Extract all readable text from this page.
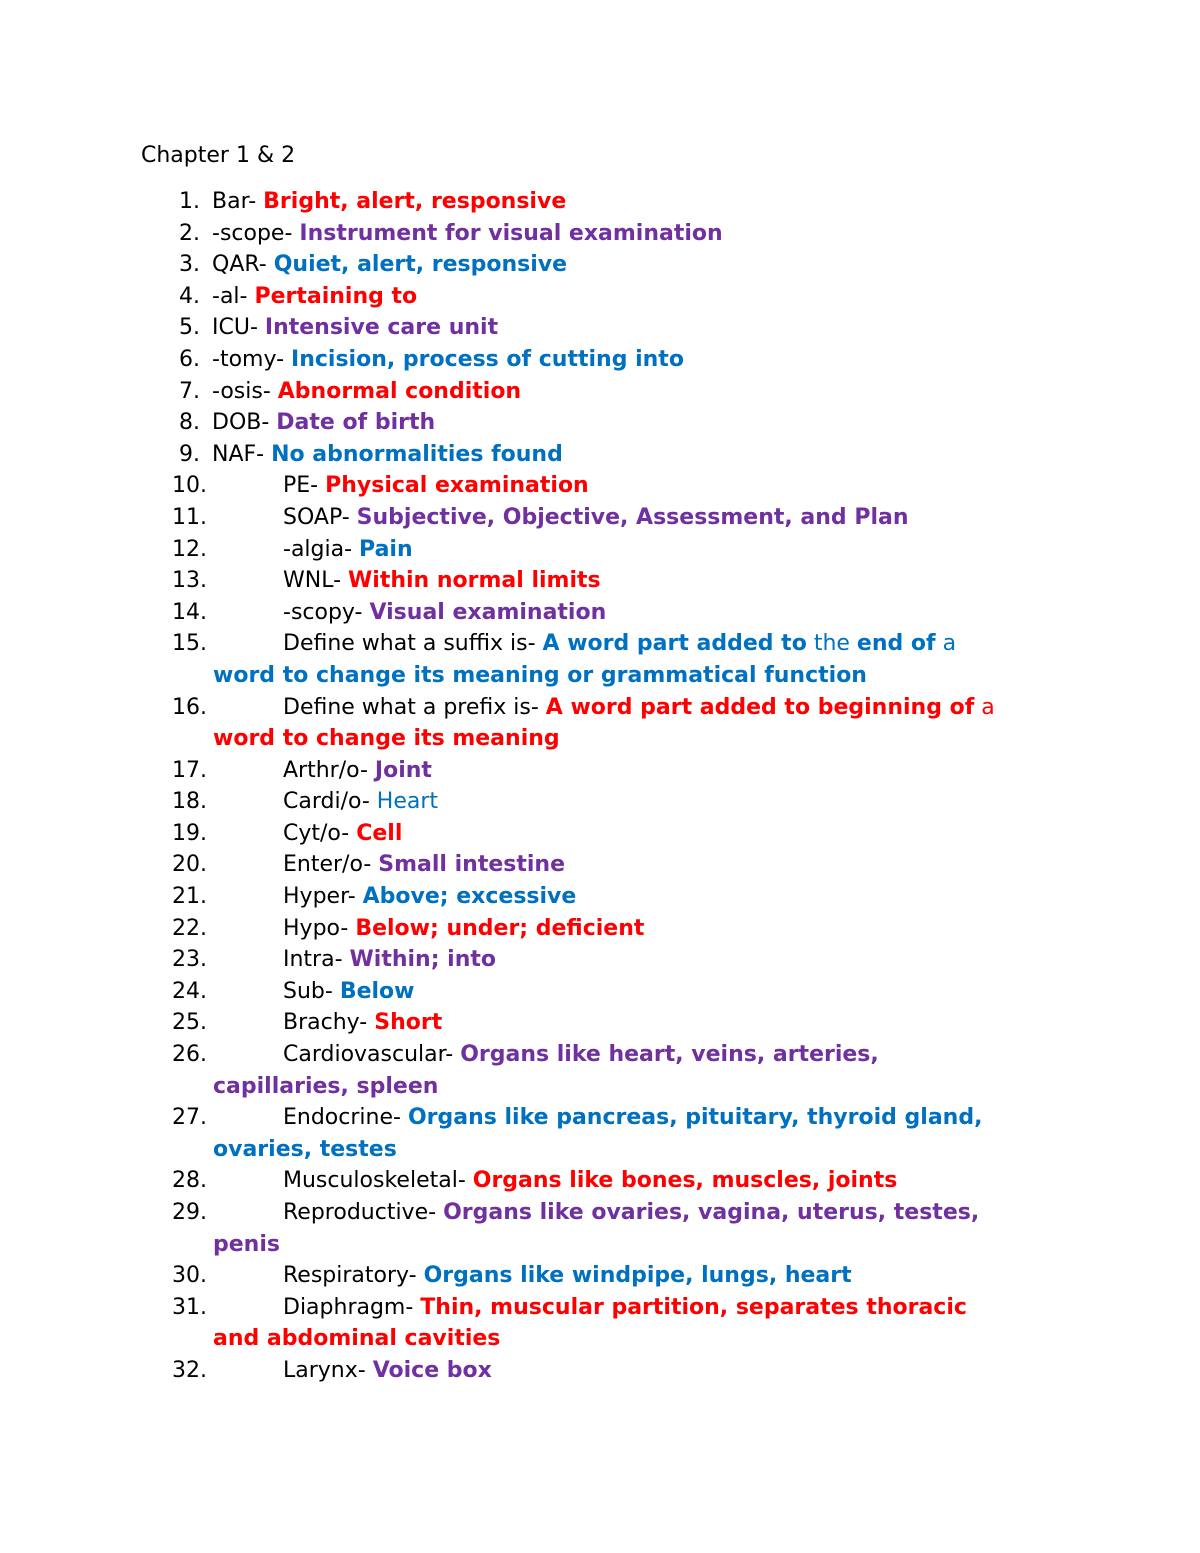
Chapter 1 & 2
1. Bar- Bright, alert, responsive
2. -scope- Instrument for visual examination
3. QAR- Quiet, alert, responsive
4. -al- Pertaining to
5. ICU- Intensive care unit
6. -tomy- Incision, process of cutting into
7. -osis- Abnormal condition
8. DOB- Date of birth
9. NAF- No abnormalities found
10.	PE- Physical examination
11.	SOAP- Subjective, Objective, Assessment, and Plan
12.	-algia- Pain
13.	WNL- Within normal limits
14.	-scopy- Visual examination
15.	Define what a suffix is- A word part added to the end of a
word to change its meaning or grammatical function
16.	Define what a prefix is- A word part added to beginning of a
word to change its meaning
17.	Arthr/o- Joint
18.	Cardi/o- Heart
19.	Cyt/o- Cell
20.	Enter/o- Small intestine
21.	Hyper- Above; excessive
22.	Hypo- Below; under; deficient
23.	Intra- Within; into
24.	Sub- Below
25.	Brachy- Short
26.	Cardiovascular- Organs like heart, veins, arteries,
capillaries, spleen
27.	Endocrine- Organs like pancreas, pituitary, thyroid gland,
ovaries, testes
28.	Musculoskeletal- Organs like bones, muscles, joints
29.	Reproductive- Organs like ovaries, vagina, uterus, testes,
penis
30.	Respiratory- Organs like windpipe, lungs, heart
31.	Diaphragm- Thin, muscular partition, separates thoracic
and abdominal cavities
32.	Larynx- Voice box
